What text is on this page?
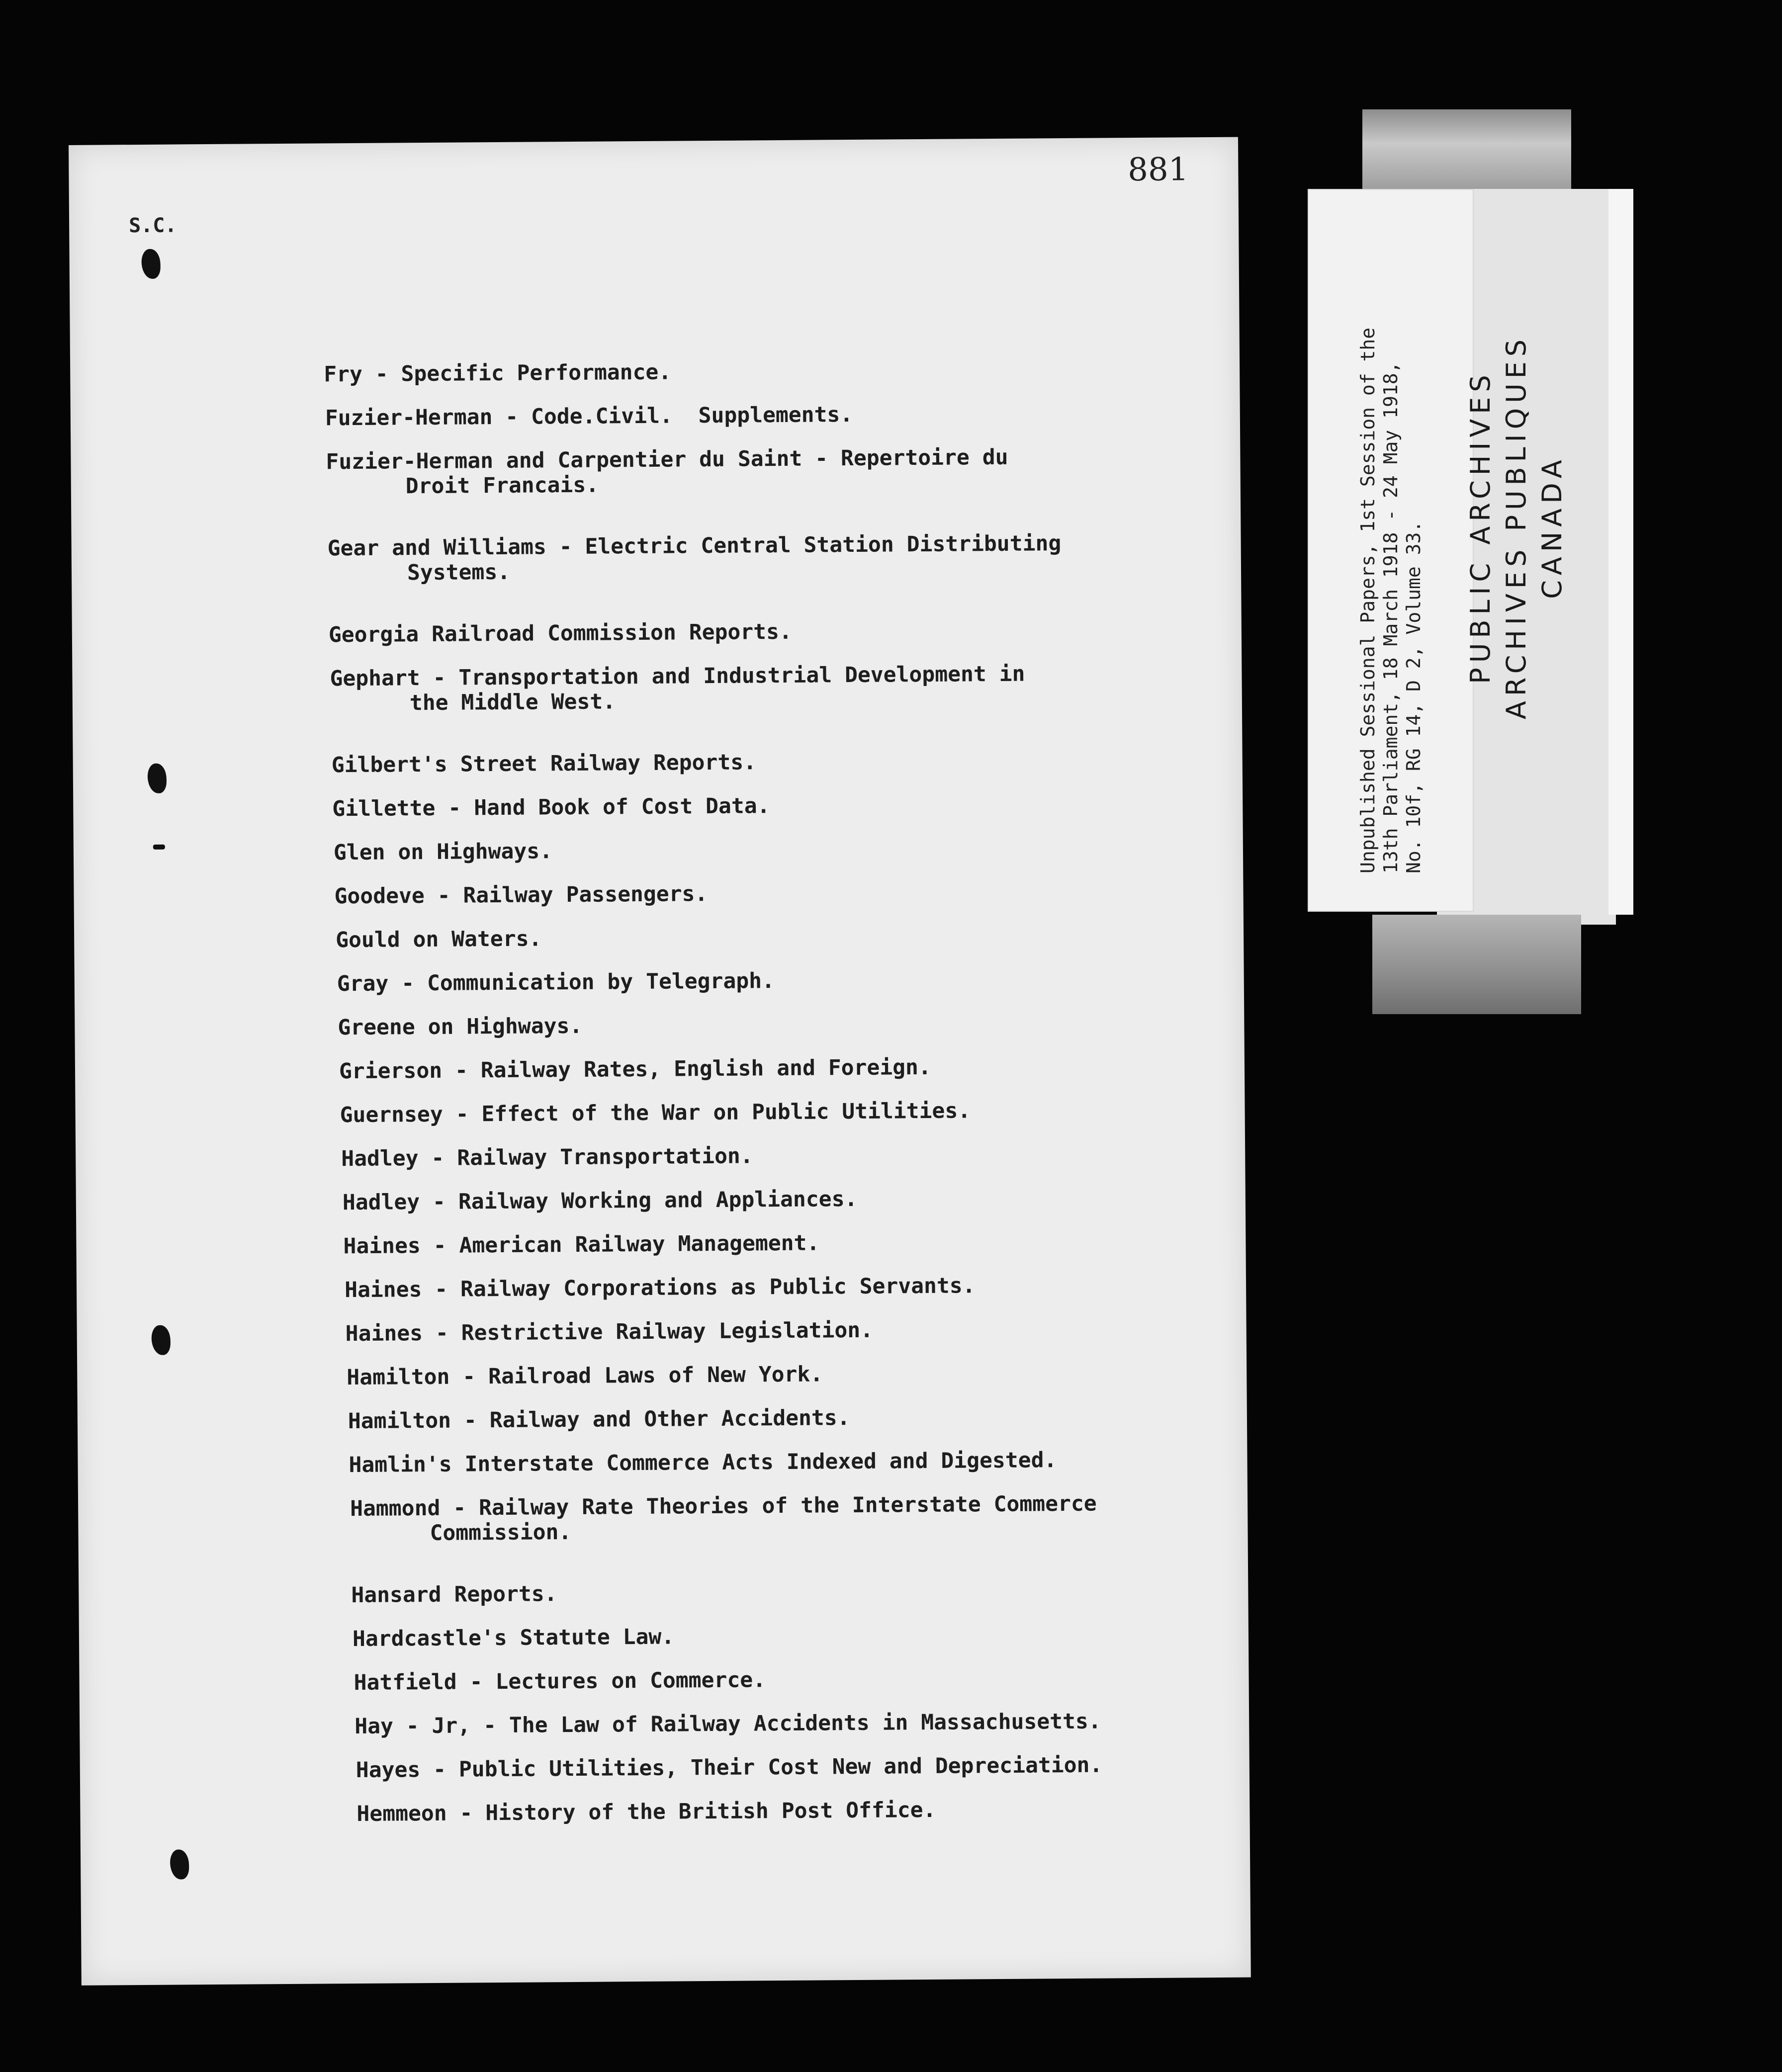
881
S.C.
Fry - Specific Performance.
Fuzier-Herman - Code.Civil.  Supplements.
Fuzier-Herman and Carpentier du Saint - Repertoire du
Droit Francais.
Gear and Williams - Electric Central Station Distributing
Systems.
Georgia Railroad Commission Reports.
Gephart - Transportation and Industrial Development in
the Middle West.
Gilbert's Street Railway Reports.
Gillette - Hand Book of Cost Data.
Glen on Highways.
Goodeve - Railway Passengers.
Gould on Waters.
Gray - Communication by Telegraph.
Greene on Highways.
Grierson - Railway Rates, English and Foreign.
Guernsey - Effect of the War on Public Utilities.
Hadley - Railway Transportation.
Hadley - Railway Working and Appliances.
Haines - American Railway Management.
Haines - Railway Corporations as Public Servants.
Haines - Restrictive Railway Legislation.
Hamilton - Railroad Laws of New York.
Hamilton - Railway and Other Accidents.
Hamlin's Interstate Commerce Acts Indexed and Digested.
Hammond - Railway Rate Theories of the Interstate Commerce
Commission.
Hansard Reports.
Hardcastle's Statute Law.
Hatfield - Lectures on Commerce.
Hay - Jr, - The Law of Railway Accidents in Massachusetts.
Hayes - Public Utilities, Their Cost New and Depreciation.
Hemmeon - History of the British Post Office.
Unpublished Sessional Papers, 1st Session of the 13th Parliament, 18 March 1918 - 24 May 1918, No. 10f, RG 14, D 2, Volume 33. PUBLIC ARCHIVES ARCHIVES PUBLIQUES CANADA
